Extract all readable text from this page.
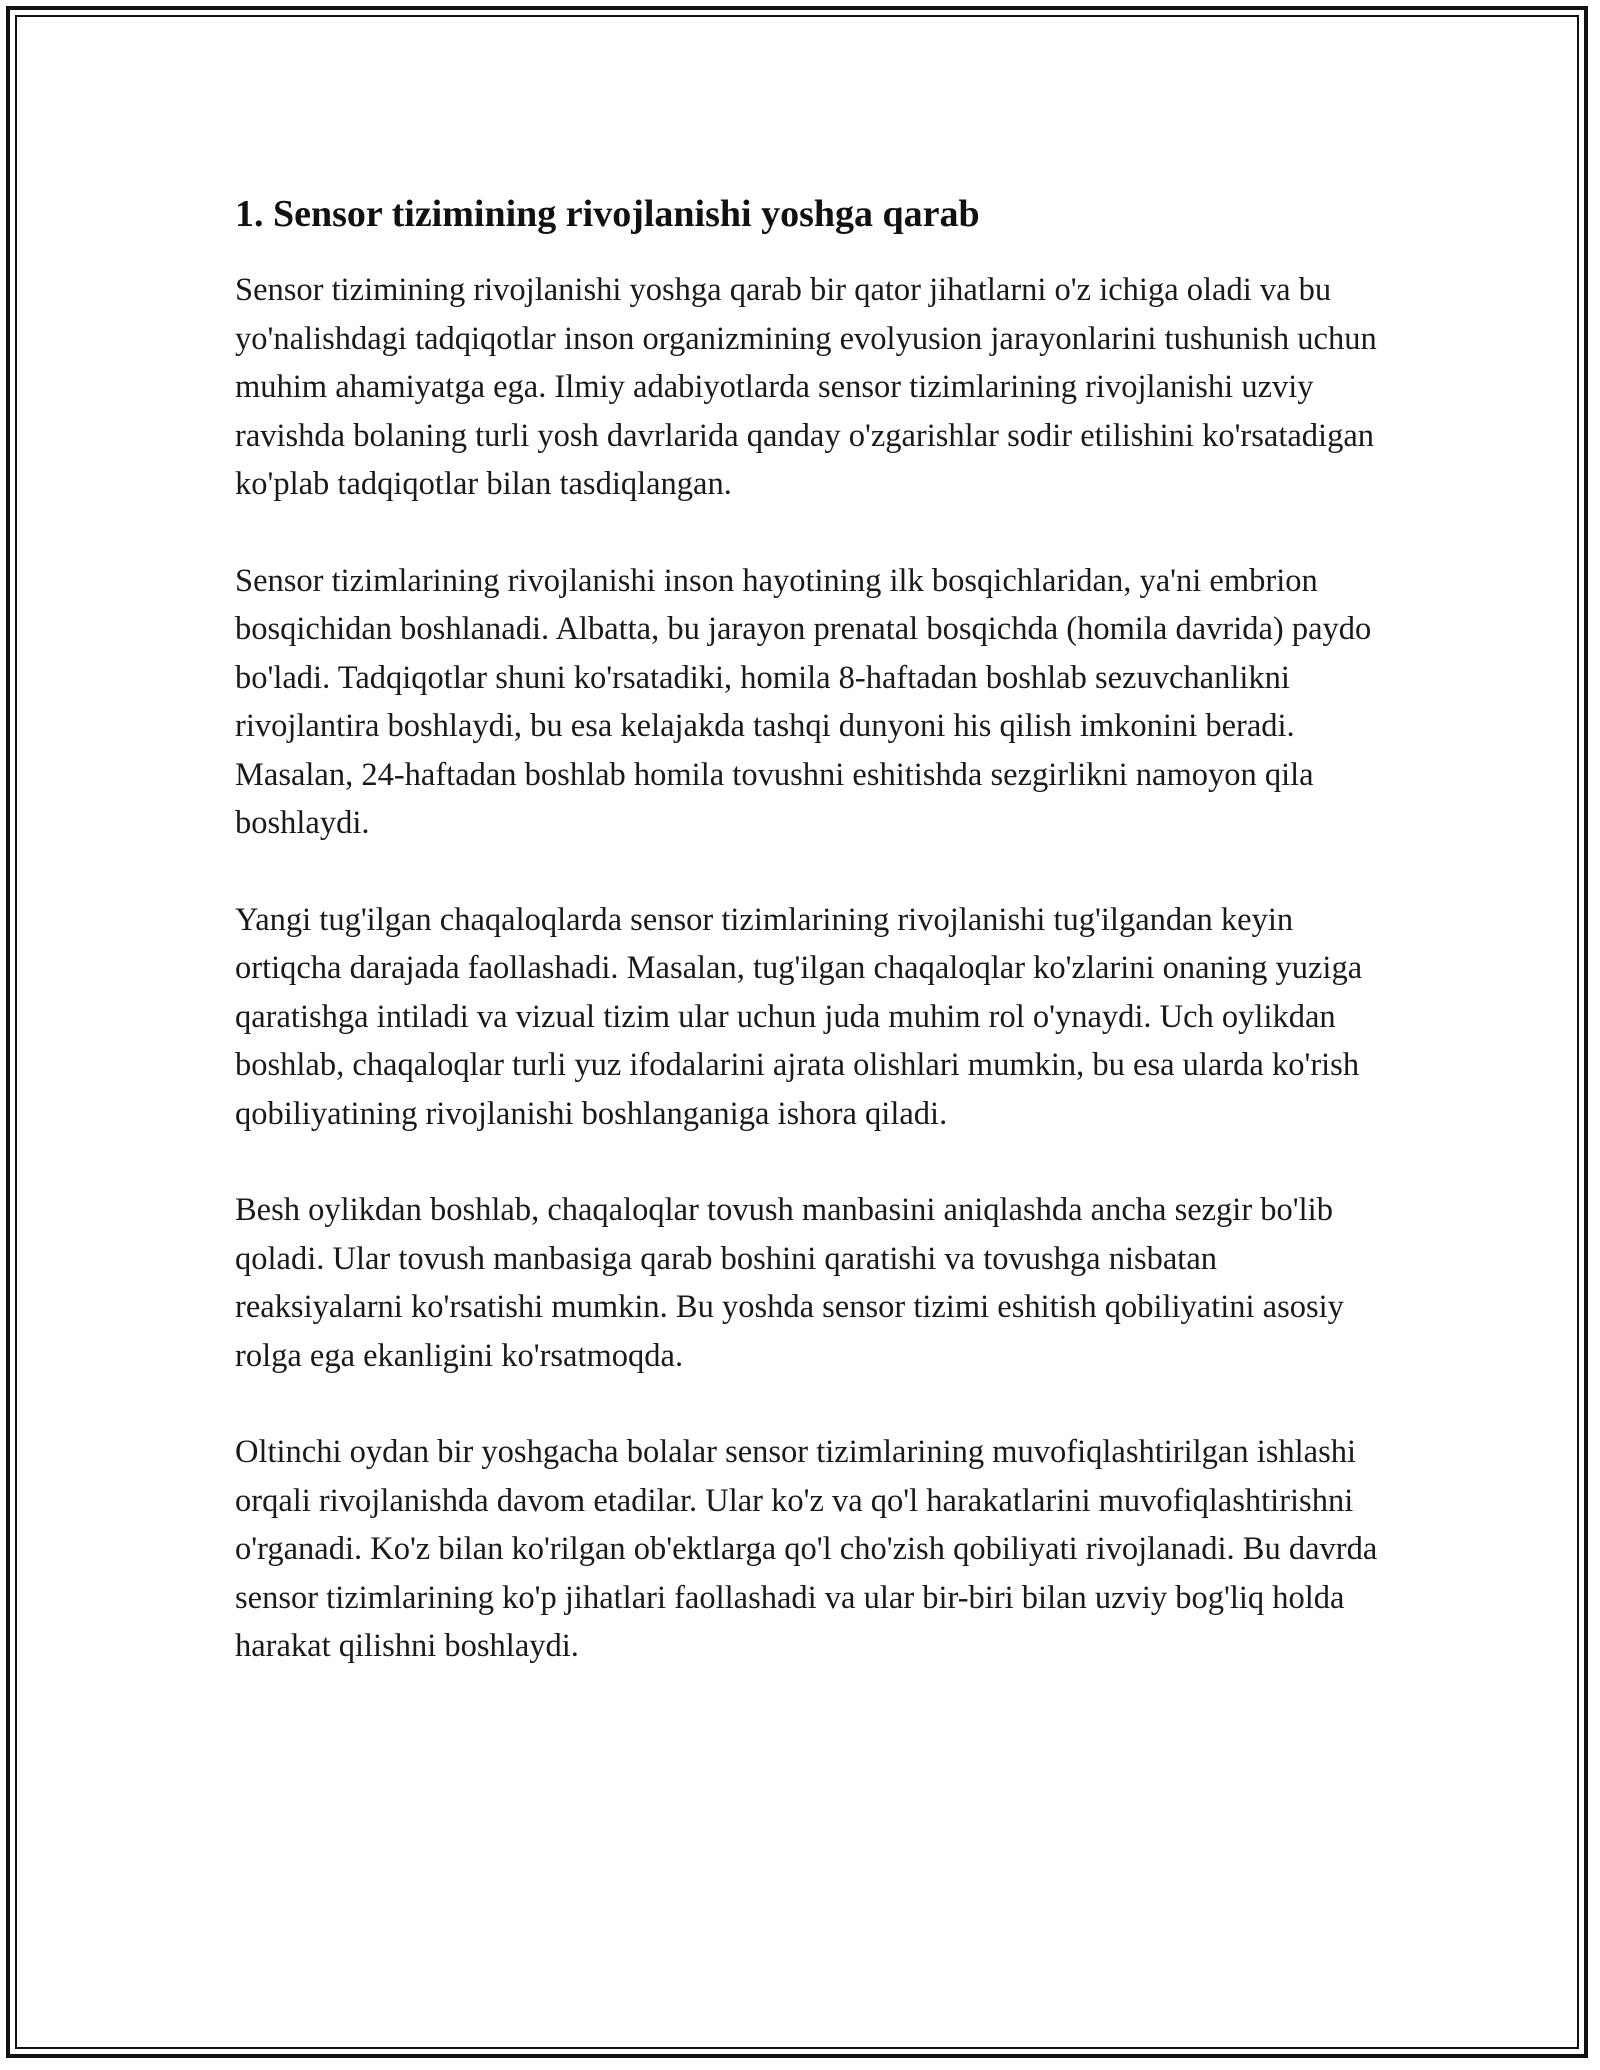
1. Sensor tizimining rivojlanishi yoshga qarab

Sensor tizimining rivojlanishi yoshga qarab bir qator jihatlarni o'z ichiga oladi va bu yo'nalishdagi tadqiqotlar inson organizmining evolyusion jarayonlarini tushunish uchun muhim ahamiyatga ega. Ilmiy adabiyotlarda sensor tizimlarining rivojlanishi uzviy ravishda bolaning turli yosh davrlarida qanday o'zgarishlar sodir etilishini ko'rsatadigan ko'plab tadqiqotlar bilan tasdiqlangan.

Sensor tizimlarining rivojlanishi inson hayotining ilk bosqichlaridan, ya'ni embrion bosqichidan boshlanadi. Albatta, bu jarayon prenatal bosqichda (homila davrida) paydo bo'ladi. Tadqiqotlar shuni ko'rsatadiki, homila 8-haftadan boshlab sezuvchanlikni rivojlantira boshlaydi, bu esa kelajakda tashqi dunyoni his qilish imkonini beradi. Masalan, 24-haftadan boshlab homila tovushni eshitishda sezgirlikni namoyon qila boshlaydi.

Yangi tug'ilgan chaqaloqlarda sensor tizimlarining rivojlanishi tug'ilgandan keyin ortiqcha darajada faollashadi. Masalan, tug'ilgan chaqaloqlar ko'zlarini onaning yuziga qaratishga intiladi va vizual tizim ular uchun juda muhim rol o'ynaydi. Uch oylikdan boshlab, chaqaloqlar turli yuz ifodalarini ajrata olishlari mumkin, bu esa ularda ko'rish qobiliyatining rivojlanishi boshlanganiga ishora qiladi.

Besh oylikdan boshlab, chaqaloqlar tovush manbasini aniqlashda ancha sezgir bo'lib qoladi. Ular tovush manbasiga qarab boshini qaratishi va tovushga nisbatan reaksiyalarni ko'rsatishi mumkin. Bu yoshda sensor tizimi eshitish qobiliyatini asosiy rolga ega ekanligini ko'rsatmoqda.

Oltinchi oydan bir yoshgacha bolalar sensor tizimlarining muvofiqlashtirilgan ishlashi orqali rivojlanishda davom etadilar. Ular ko'z va qo'l harakatlarini muvofiqlashtirishni o'rganadi. Ko'z bilan ko'rilgan ob'ektlarga qo'l cho'zish qobiliyati rivojlanadi. Bu davrda sensor tizimlarining ko'p jihatlari faollashadi va ular bir-biri bilan uzviy bog'liq holda harakat qilishni boshlaydi.
